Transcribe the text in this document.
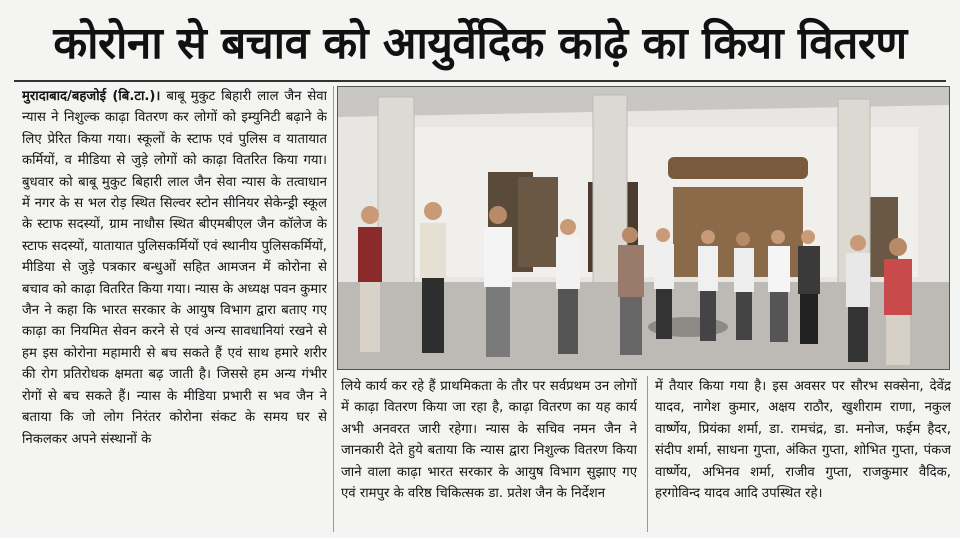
कोरोना से बचाव को आयुर्वेदिक काढ़े का किया वितरण
मुरादाबाद/बहजोई (बि.टा.)। बाबू मुकुट बिहारी लाल जैन सेवा न्यास ने निशुल्क काढ़ा वितरण कर लोगों को इम्युनिटी बढ़ाने के लिए प्रेरित किया गया। स्कूलों के स्टाफ एवं पुलिस व यातायात कर्मियों, व मीडिया से जुड़े लोगों को काढ़ा वितरित किया गया। बुधवार को बाबू मुकुट बिहारी लाल जैन सेवा न्यास के तत्वाधान में नगर के स भल रोड़ स्थित सिल्वर स्टोन सीनियर सेकेन्ड्री स्कूल के स्टाफ सदस्यों, ग्राम नाधौस स्थित बीएमबीएल जैन कॉलेज के स्टाफ सदस्यों, यातायात पुलिसकर्मियों एवं स्थानीय पुलिसकर्मियों, मीडिया से जुड़े पत्रकार बन्धुओं सहित आमजन में कोरोना से बचाव को काढ़ा वितरित किया गया। न्यास के अध्यक्ष पवन कुमार जैन ने कहा कि भारत सरकार के आयुष विभाग द्वारा बताए गए काढ़ा का नियमित सेवन करने से एवं अन्य सावधानियां रखने से हम इस कोरोना महामारी से बच सकते हैं एवं साथ हमारे शरीर की रोग प्रतिरोधक क्षमता बढ़ जाती है। जिससे हम अन्य गंभीर रोगों से बच सकते हैं। न्यास के मीडिया प्रभारी स भव जैन ने बताया कि जो लोग निरंतर कोरोना संकट के समय घर से निकलकर अपने संस्थानों के
लिये कार्य कर रहे हैं प्राथमिकता के तौर पर सर्वप्रथम उन लोगों में काढ़ा वितरण किया जा रहा है, काढ़ा वितरण का यह कार्य अभी अनवरत जारी रहेगा। न्यास के सचिव नमन जैन ने जानकारी देते हुये बताया कि न्यास द्वारा निशुल्क वितरण किया जाने वाला काढ़ा भारत सरकार के आयुष विभाग सुझाए गए एवं रामपुर के वरिष्ठ चिकित्सक डा. प्रतेश जैन के निर्देशन
में तैयार किया गया है। इस अवसर पर सौरभ सक्सेना, देवेंद्र यादव, नागेश कुमार, अक्षय राठौर, खुशीराम राणा, नकुल वार्ष्णेय, प्रियंका शर्मा, डा. रामचंद्र, डा. मनोज, फईम हैदर, संदीप शर्मा, साधना गुप्ता, अंकित गुप्ता, शोभित गुप्ता, पंकज वार्ष्णेय, अभिनव शर्मा, राजीव गुप्ता, राजकुमार वैदिक, हरगोविन्द यादव आदि उपस्थित रहे।
